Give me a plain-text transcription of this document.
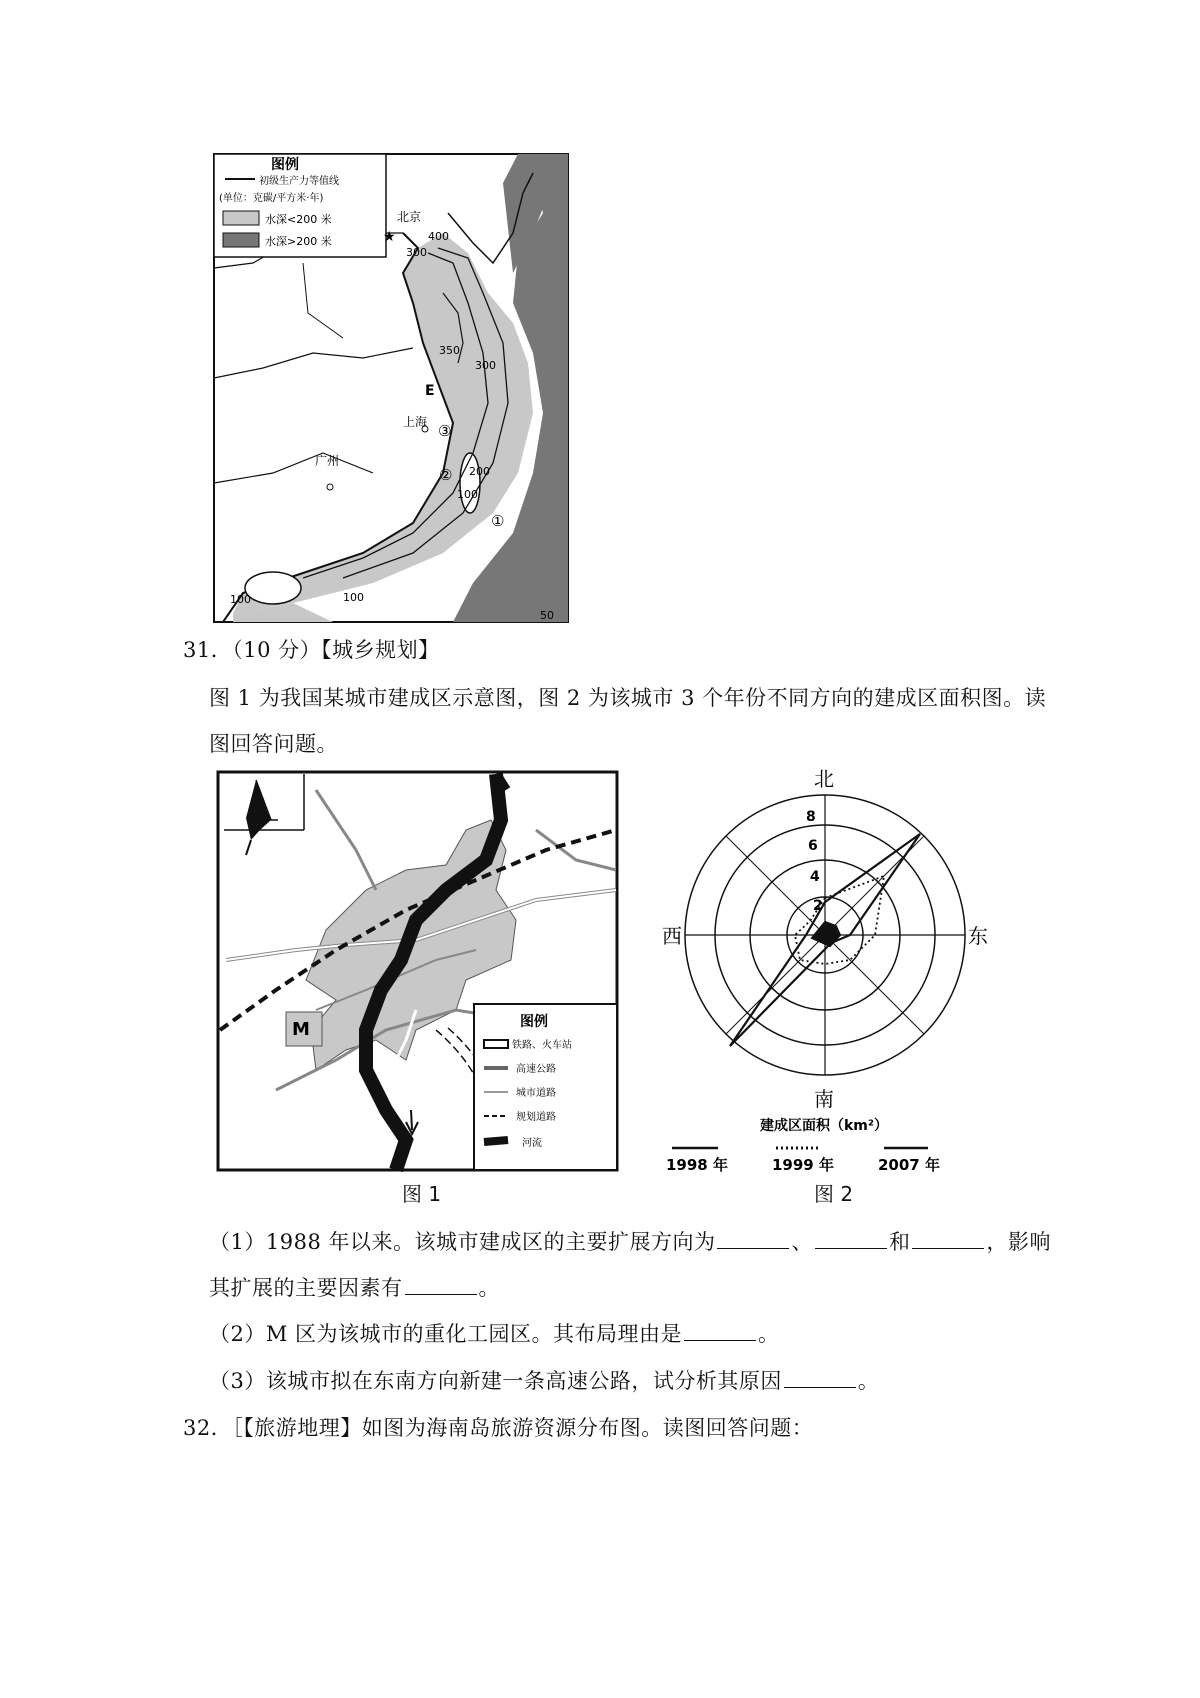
图例
初级生产力等值线
(单位：克碳/平方米·年)
水深<200 米
水深>200 米
北京
★
上海
广州
E
300
400
350
300
200
100
100	100
50
③
②
①
31．（10 分）【城乡规划】
图 1 为我国某城市建成区示意图，图 2 为该城市 3 个年份不同方向的建成区面积图。读
图回答问题。
M	图例
铁路、火车站
高速公路
城市道路
规划道路
河流
图 1
北
南
西	东
8
6
4
2
建成区面积（km²）
1998 年	1999 年	2007 年
图 2
（1）1988 年以来。该城市建成区的主要扩展方向为	、	和	，影响
其扩展的主要因素有	。
（2）M 区为该城市的重化工园区。其布局理由是	。
（3）该城市拟在东南方向新建一条高速公路，试分析其原因	。
32．［【旅游地理】如图为海南岛旅游资源分布图。读图回答问题：
